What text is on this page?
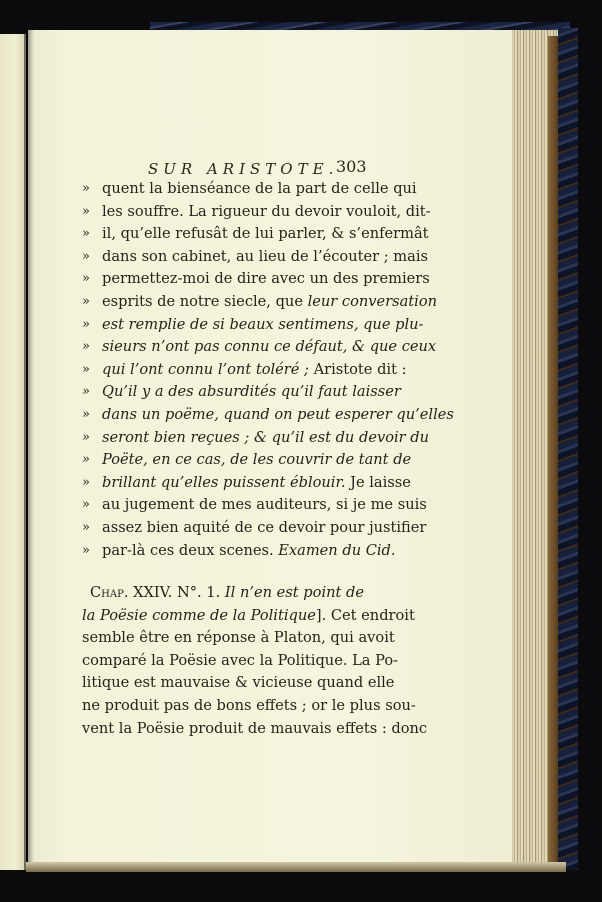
SUR ARISTOTE.
303
» quent la bienséance de la part de celle qui
» les souffre. La rigueur du devoir vouloit, dit-
» il, qu’elle refusât de lui parler, & s’enfermât
» dans son cabinet, au lieu de l’écouter ; mais
» permettez-moi de dire avec un des premiers
» esprits de notre siecle, que leur conversation
» est remplie de si beaux sentimens, que plu-
» sieurs n’ont pas connu ce défaut, & que ceux
» qui l’ont connu l’ont toléré ; Aristote dit :
» Qu’il y a des absurdités qu’il faut laisser
» dans un poëme, quand on peut esperer qu’elles
» seront bien reçues ; & qu’il est du devoir du
» Poëte, en ce cas, de les couvrir de tant de
» brillant qu’elles puissent éblouir. Je laisse
» au jugement de mes auditeurs, si je me suis
» assez bien aquité de ce devoir pour justifier
» par-là ces deux scenes. Examen du Cid.
Chap. XXIV. N°. 1. Il n’en est point de
la Poësie comme de la Politique]. Cet endroit
semble être en réponse à Platon, qui avoit
comparé la Poësie avec la Politique. La Po-
litique est mauvaise & vicieuse quand elle
ne produit pas de bons effets ; or le plus sou-
vent la Poësie produit de mauvais effets : donc
